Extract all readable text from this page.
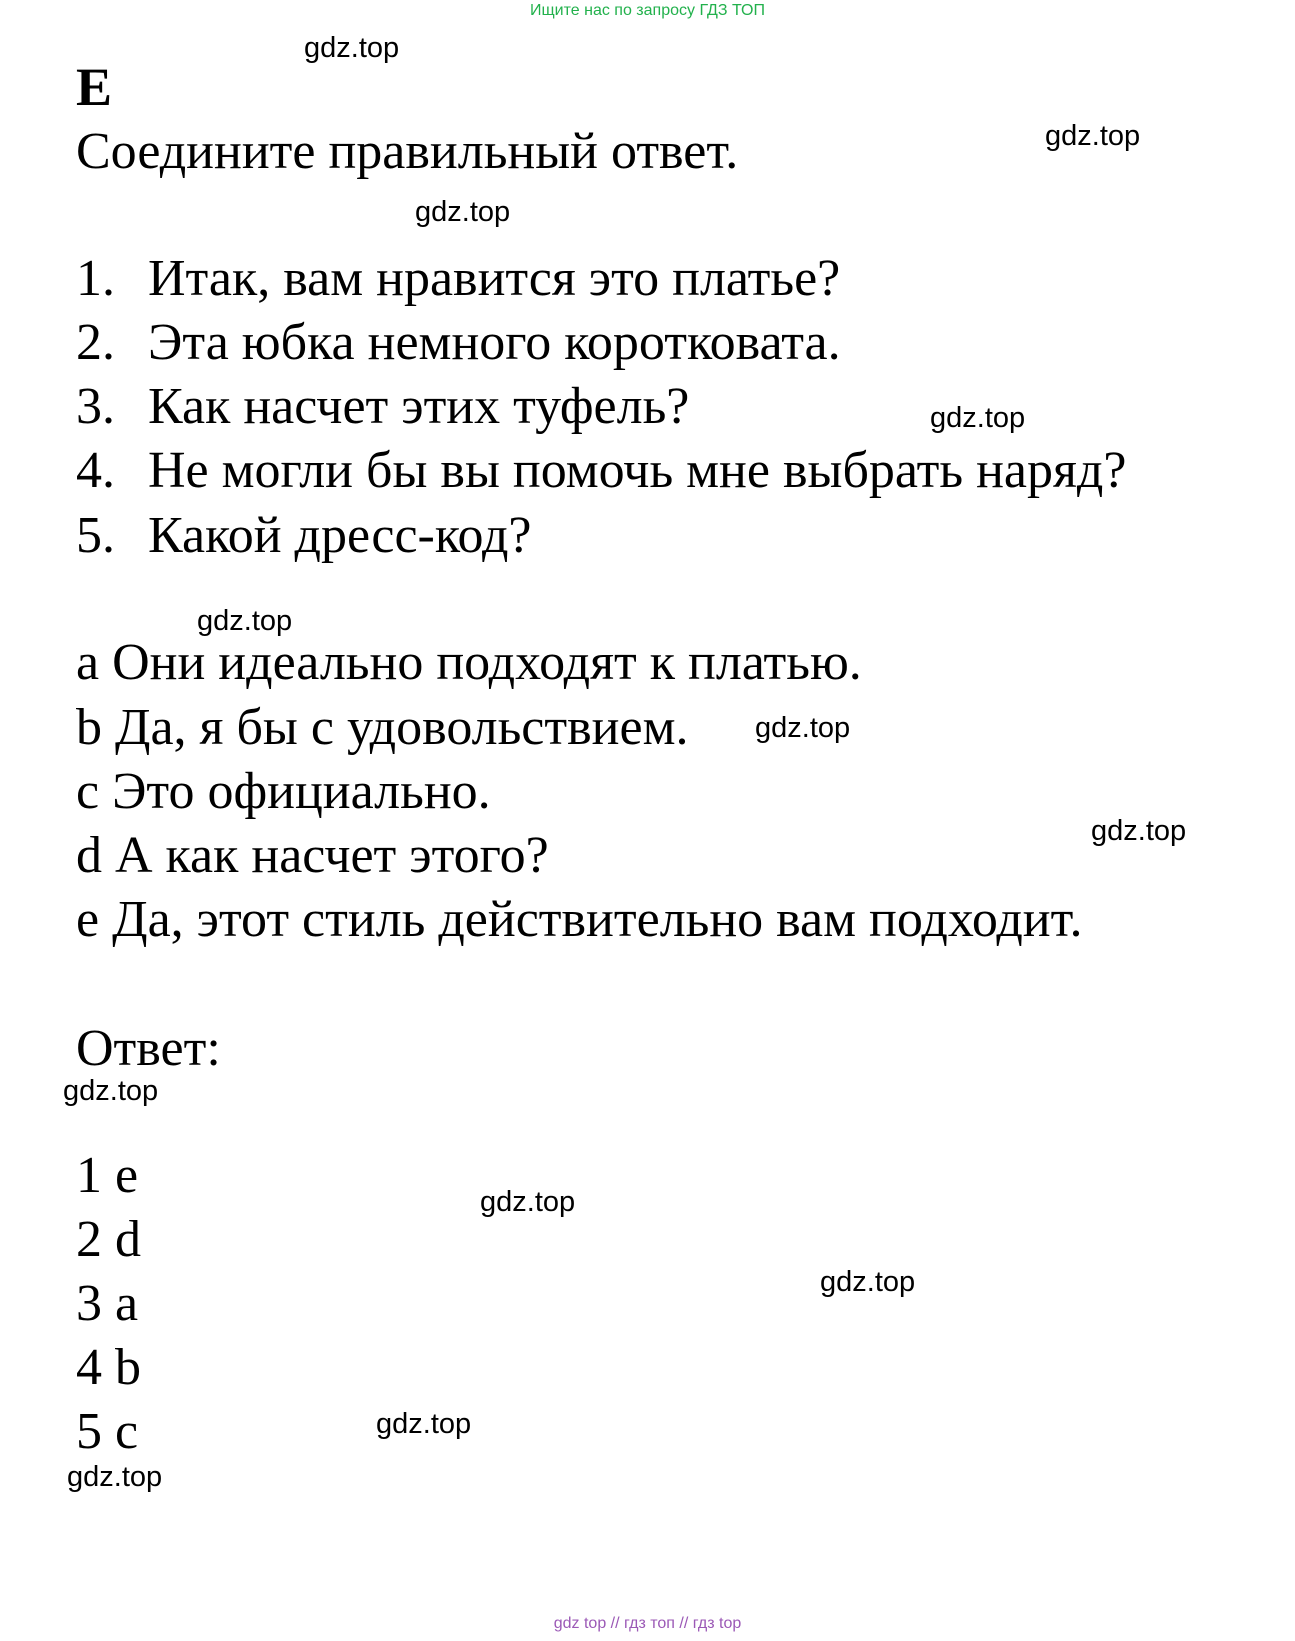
Ищите нас по запросу ГДЗ ТОП
gdz.top
gdz.top
gdz.top
gdz.top
gdz.top
gdz.top
gdz.top
gdz.top
gdz.top
gdz.top
gdz.top
gdz.top
E
Соедините правильный ответ.
1. Итак, вам нравится это платье?
2. Эта юбка немного коротковата.
3. Как насчет этих туфель?
4. Не могли бы вы помочь мне выбрать наряд?
5. Какой дресс-код?
a Они идеально подходят к платью.
b Да, я бы с удовольствием.
c Это официально.
d А как насчет этого?
e Да, этот стиль действительно вам подходит.
Ответ:
1 e
2 d
3 a
4 b
5 c
gdz top // гдз топ // гдз top
